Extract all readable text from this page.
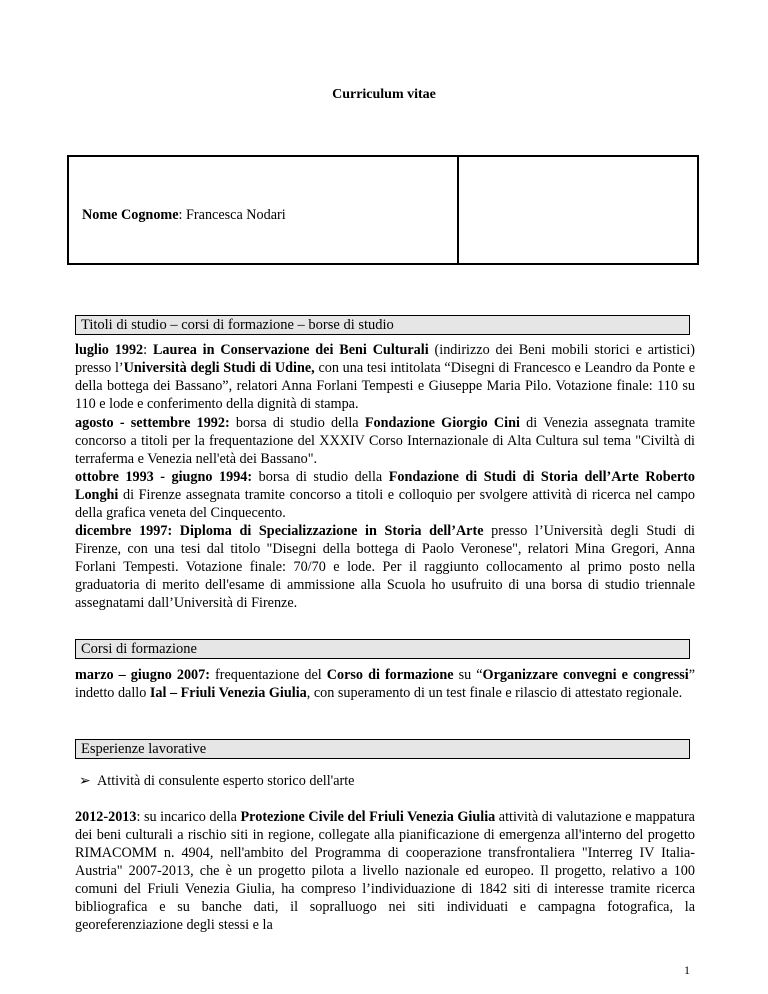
Curriculum vitae
Nome Cognome: Francesca Nodari
Titoli di studio – corsi di formazione – borse di studio

luglio 1992: Laurea in Conservazione dei Beni Culturali (indirizzo dei Beni mobili storici e artistici) presso l’Università degli Studi di Udine, con una tesi intitolata “Disegni di Francesco e Leandro da Ponte e della bottega dei Bassano”, relatori Anna Forlani Tempesti e Giuseppe Maria Pilo. Votazione finale: 110 su 110 e lode e conferimento della dignità di stampa.

agosto - settembre 1992: borsa di studio della Fondazione Giorgio Cini di Venezia assegnata tramite concorso a titoli per la frequentazione del XXXIV Corso Internazionale di Alta Cultura sul tema "Civiltà di terraferma e Venezia nell'età dei Bassano".

ottobre 1993 - giugno 1994: borsa di studio della Fondazione di Studi di Storia dell’Arte Roberto Longhi di Firenze assegnata tramite concorso a titoli e colloquio per svolgere attività di ricerca nel campo della grafica veneta del Cinquecento.

dicembre 1997: Diploma di Specializzazione in Storia dell’Arte presso l’Università degli Studi di Firenze, con una tesi dal titolo "Disegni della bottega di Paolo Veronese", relatori Mina Gregori, Anna Forlani Tempesti. Votazione finale: 70/70 e lode. Per il raggiunto collocamento al primo posto nella graduatoria di merito dell'esame di ammissione alla Scuola ho usufruito di una borsa di studio triennale assegnatami dall’Università di Firenze.

Corsi di formazione

marzo – giugno 2007: frequentazione del Corso di formazione su “Organizzare convegni e congressi” indetto dallo Ial – Friuli Venezia Giulia, con superamento di un test finale e rilascio di attestato regionale.

Esperienze lavorative
➢ Attività di consulente esperto storico dell'arte

2012-2013: su incarico della Protezione Civile del Friuli Venezia Giulia attività di valutazione e mappatura dei beni culturali a rischio siti in regione, collegate alla pianificazione di emergenza all'interno del progetto RIMACOMM n. 4904, nell'ambito del Programma di cooperazione transfrontaliera "Interreg IV Italia-Austria" 2007-2013, che è un progetto pilota a livello nazionale ed europeo. Il progetto, relativo a 100 comuni del Friuli Venezia Giulia, ha compreso l’individuazione di 1842 siti di interesse tramite ricerca bibliografica e su banche dati, il sopralluogo nei siti individuati e campagna fotografica, la georeferenziazione degli stessi e la

1
